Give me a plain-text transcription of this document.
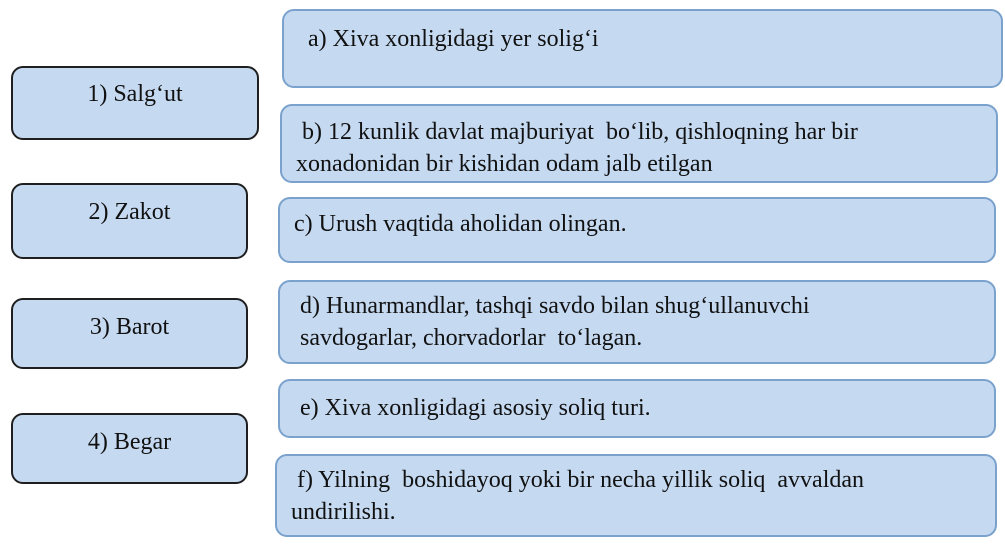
1) Salg‘ut
2) Zakot
3) Barot
4) Begar
a) Xiva xonligidagi yer solig‘i
b) 12 kunlik davlat majburiyat  bo‘lib, qishloqning har bir
xonadonidan bir kishidan odam jalb etilgan
c) Urush vaqtida aholidan olingan.
d) Hunarmandlar, tashqi savdo bilan shug‘ullanuvchi
savdogarlar, chorvadorlar  to‘lagan.
e) Xiva xonligidagi asosiy soliq turi.
f) Yilning  boshidayoq yoki bir necha yillik soliq  avvaldan
undirilishi.
